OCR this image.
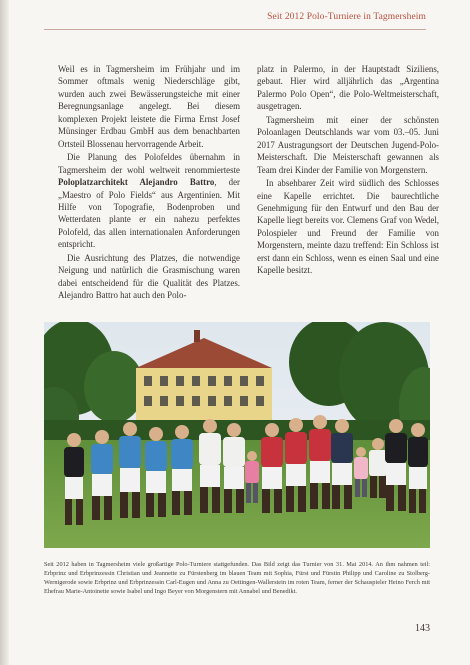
Seit 2012 Polo-Turniere in Tagmersheim

Weil es in Tagmersheim im Frühjahr und im Sommer oftmals wenig Niederschläge gibt, wurden auch zwei Bewässerungsteiche mit einer Beregnungsanlage angelegt. Bei diesem komplexen Projekt leistete die Firma Ernst Josef Münsinger Erdbau GmbH aus dem benachbarten Ortsteil Blossenau hervorragende Arbeit.

Die Planung des Polofeldes übernahm in Tagmersheim der wohl weltweit renommierteste Poloplatzarchitekt Alejandro Battro, der „Maestro of Polo Fields“ aus Argentinien. Mit Hilfe von Topografie, Bodenproben und Wetterdaten plante er ein nahezu perfektes Polofeld, das allen internationalen Anforderungen entspricht.

Die Ausrichtung des Platzes, die notwendige Neigung und natürlich die Grasmischung waren dabei entscheidend für die Qualität des Platzes. Alejandro Battro hat auch den Polo-

platz in Palermo, in der Hauptstadt Siziliens, gebaut. Hier wird alljährlich das „Argentina Palermo Polo Open“, die Polo-Weltmeisterschaft, ausgetragen.

Tagmersheim mit einer der schönsten Poloanlagen Deutschlands war vom 03.–05. Juni 2017 Austragungsort der Deutschen Jugend-Polo-Meisterschaft. Die Meisterschaft gewannen als Team drei Kinder der Familie von Morgenstern.

In absehbarer Zeit wird südlich des Schlosses eine Kapelle errichtet. Die baurechtliche Genehmigung für den Entwurf und den Bau der Kapelle liegt bereits vor. Clemens Graf von Wedel, Polospieler und Freund der Familie von Morgenstern, meinte dazu treffend: Ein Schloss ist erst dann ein Schloss, wenn es einen Saal und eine Kapelle besitzt.

Seit 2012 haben in Tagmersheim viele großartige Polo-Turniere stattgefunden. Das Bild zeigt das Turnier von 31. Mai 2014. An ihm nahmen teil: Erbprinz und Erbprinzessin Christian und Jeannette zu Fürstenberg im blauen Team mit Sophia, Fürst und Fürstin Philipp und Caroline zu Stolberg-Wernigerode sowie Erbprinz und Erbprinzessin Carl-Eugen und Anna zu Oettingen-Wallerstein im roten Team, ferner der Schauspieler Heino Ferch mit Ehefrau Marie-Antoinette sowie Isabel und Ingo Beyer von Morgenstern mit Annabel und Benedikt.
143
